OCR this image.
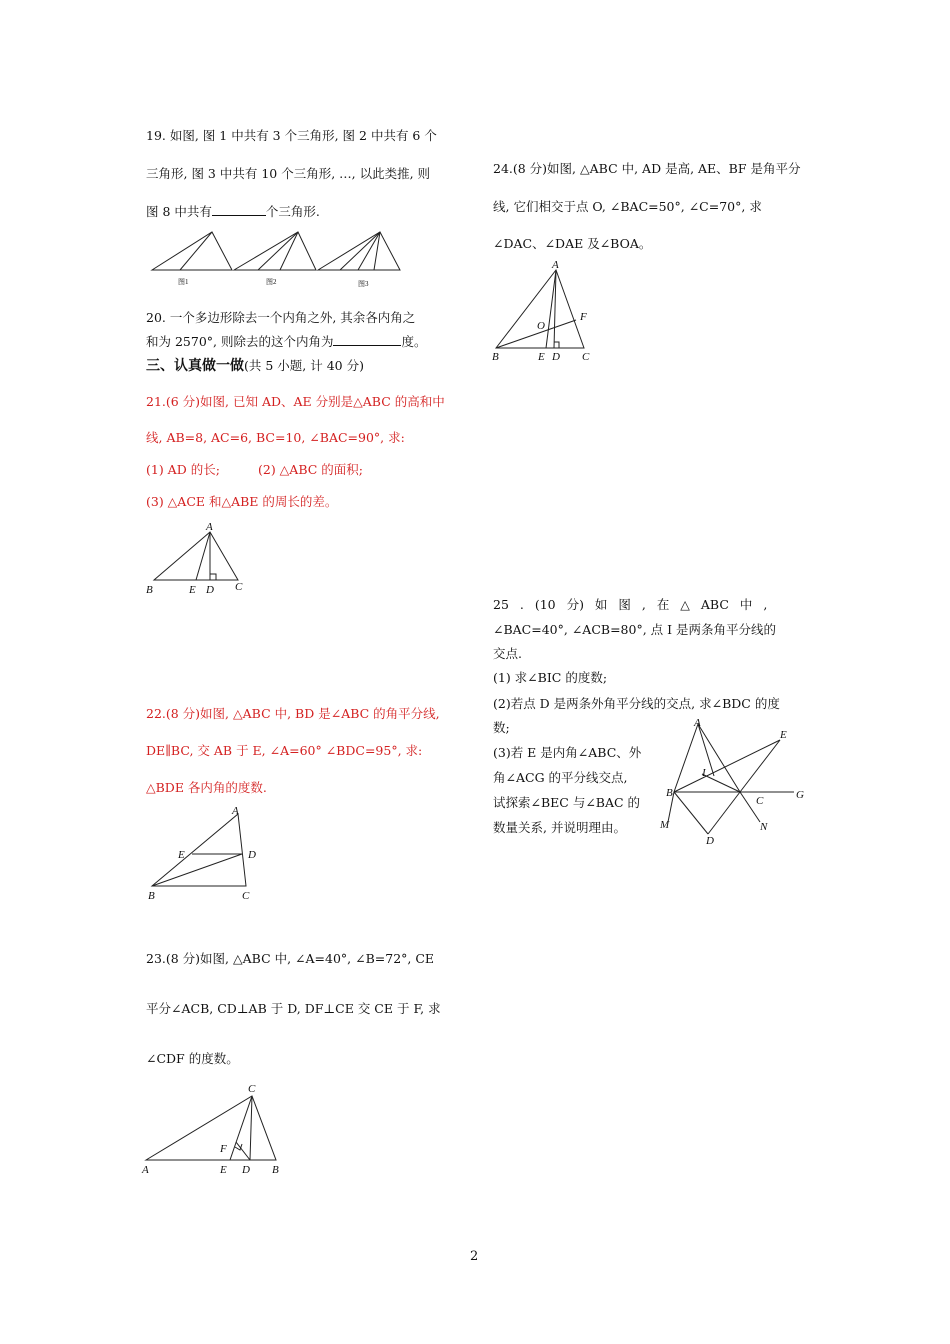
19. 如图, 图 1 中共有 3 个三角形, 图 2 中共有 6 个
三角形, 图 3 中共有 10 个三角形, …, 以此类推, 则
图 8 中共有	个三角形.
图1	图2	图3
20. 一个多边形除去一个内角之外, 其余各内角之
和为 2570°, 则除去的这个内角为	度。
三、认真做一做(共 5 小题, 计 40 分)
21.(6 分)如图, 已知 AD、AE 分别是△ABC 的高和中
线, AB=8, AC=6, BC=10, ∠BAC=90°, 求:
(1) AD 的长;	(2) △ABC 的面积;
(3) △ACE 和△ABE 的周长的差。
A
B	E D C
22.(8 分)如图, △ABC 中, BD 是∠ABC 的角平分线,
DE∥BC, 交 AB 于 E, ∠A=60° ∠BDC=95°, 求:
△BDE 各内角的度数.
A
E	D
B	C
23.(8 分)如图, △ABC 中, ∠A=40°, ∠B=72°, CE
平分∠ACB, CD⊥AB 于 D, DF⊥CE 交 CE 于 F, 求
∠CDF 的度数。
C
F
A	E D B
24.(8 分)如图, △ABC 中, AD 是高, AE、BF 是角平分
线, 它们相交于点 O, ∠BAC=50°, ∠C=70°, 求
∠DAC、∠DAE 及∠BOA。
A
F
O
B	E D C
25 . (10 分) 如 图 , 在 △ ABC 中 ,
∠BAC=40°, ∠ACB=80°, 点 I 是两条角平分线的
交点.
(1) 求∠BIC 的度数;
(2)若点 D 是两条外角平分线的交点, 求∠BDC 的度
数;
(3)若 E 是内角∠ABC、外
角∠ACG 的平分线交点,
试探索∠BEC 与∠BAC 的
数量关系, 并说明理由。
A
E
I
B
C	G
M	N
D
2
